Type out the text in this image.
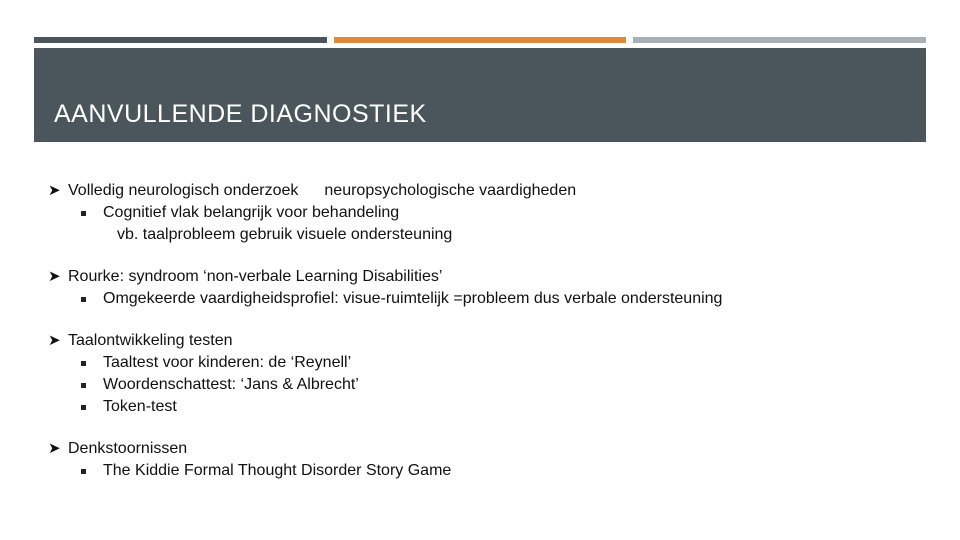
AANVULLENDE DIAGNOSTIEK
➤ Volledig neurologisch onderzoek neuropsychologische vaardigheden
Cognitief vlak belangrijk voor behandeling
vb. taalprobleem gebruik visuele ondersteuning
➤ Rourke: syndroom ‘non-verbale Learning Disabilities’
Omgekeerde vaardigheidsprofiel: visue-ruimtelijk =probleem dus verbale ondersteuning
➤ Taalontwikkeling testen
Taaltest voor kinderen: de ‘Reynell’
Woordenschattest: ‘Jans & Albrecht’
Token-test
➤ Denkstoornissen
The Kiddie Formal Thought Disorder Story Game
